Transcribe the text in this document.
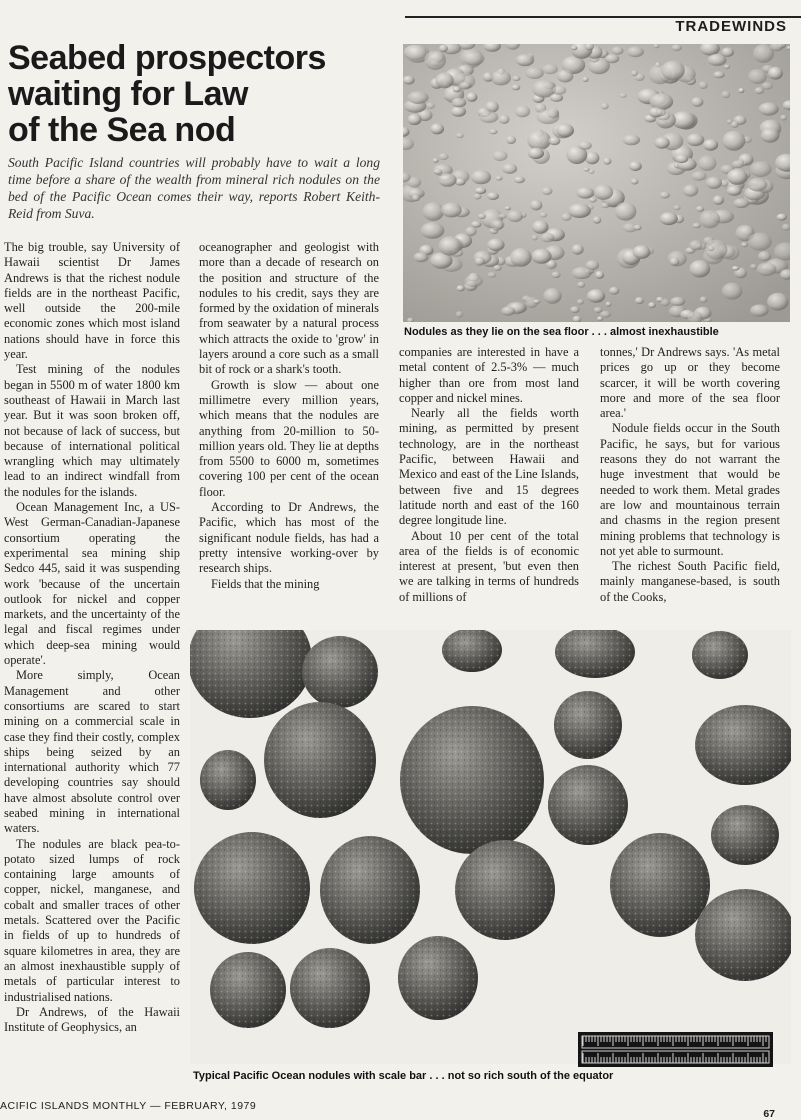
TRADEWINDS
Seabed prospectors
waiting for Law
of the Sea nod
South Pacific Island countries will probably have to wait a long time before a share of the wealth from mineral rich nodules on the bed of the Pacific Ocean comes their way, reports Robert Keith-Reid from Suva.

The big trouble, say University of Hawaii scientist Dr James Andrews is that the richest nodule fields are in the northeast Pacific, well outside the 200-mile economic zones which most island nations should have in force this year.

Test mining of the nodules began in 5500 m of water 1800 km southeast of Hawaii in March last year. But it was soon broken off, not because of lack of success, but because of international political wrangling which may ultimately lead to an indirect windfall from the nodules for the islands.

Ocean Management Inc, a US-West German-Canadian-Japanese consortium operating the experimental sea mining ship Sedco 445, said it was suspending work 'because of the uncertain outlook for nickel and copper markets, and the uncertainty of the legal and fiscal regimes under which deep-sea mining would operate'.

More simply, Ocean Management and other consortiums are scared to start mining on a commercial scale in case they find their costly, complex ships being seized by an international authority which 77 developing countries say should have almost absolute control over seabed mining in international waters.

The nodules are black pea-to-potato sized lumps of rock containing large amounts of copper, nickel, manganese, and cobalt and smaller traces of other metals. Scattered over the Pacific in fields of up to hundreds of square kilometres in area, they are an almost inexhaustible supply of metals of particular interest to industrialised nations.

Dr Andrews, of the Hawaii Institute of Geophysics, an

oceanographer and geologist with more than a decade of research on the position and structure of the nodules to his credit, says they are formed by the oxidation of minerals from seawater by a natural process which attracts the oxide to 'grow' in layers around a core such as a small bit of rock or a shark's tooth.

Growth is slow — about one millimetre every million years, which means that the nodules are anything from 20-million to 50-million years old. They lie at depths from 5500 to 6000 m, sometimes covering 100 per cent of the ocean floor.

According to Dr Andrews, the Pacific, which has most of the significant nodule fields, has had a pretty intensive working-over by research ships.

Fields that the mining

Nodules as they lie on the sea floor . . . almost inexhaustible

companies are interested in have a metal content of 2.5-3% — much higher than ore from most land copper and nickel mines.

Nearly all the fields worth mining, as permitted by present technology, are in the northeast Pacific, between Hawaii and Mexico and east of the Line Islands, between five and 15 degrees latitude north and east of the 160 degree longitude line.

About 10 per cent of the total area of the fields is of economic interest at present, 'but even then we are talking in terms of hundreds of millions of

tonnes,' Dr Andrews says. 'As metal prices go up or they become scarcer, it will be worth covering more and more of the sea floor area.'

Nodule fields occur in the South Pacific, he says, but for various reasons they do not warrant the huge investment that would be needed to work them. Metal grades are low and mountainous terrain and chasms in the region present mining problems that technology is not yet able to surmount.

The richest South Pacific field, mainly manganese-based, is south of the Cooks,

Typical Pacific Ocean nodules with scale bar . . . not so rich south of the equator
ACIFIC ISLANDS MONTHLY — FEBRUARY, 1979
67
